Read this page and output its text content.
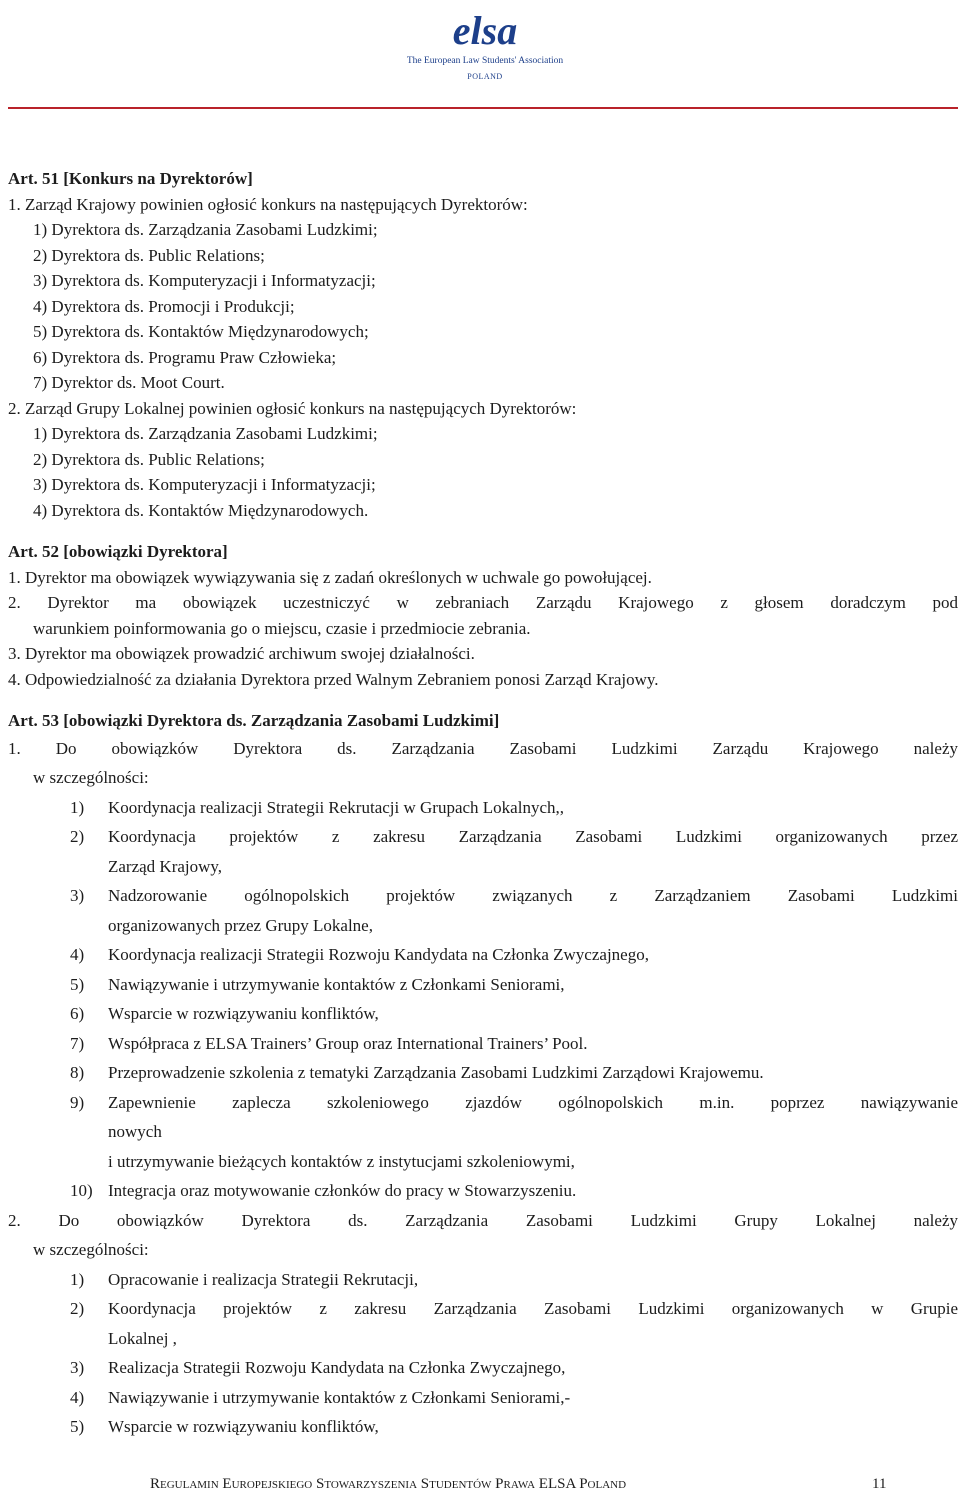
elsa
The European Law Students' Association
POLAND
Art. 51 [Konkurs na Dyrektorów]
1. Zarząd Krajowy powinien ogłosić konkurs na następujących Dyrektorów:
1) Dyrektora ds. Zarządzania Zasobami Ludzkimi;
2) Dyrektora ds. Public Relations;
3) Dyrektora ds. Komputeryzacji i Informatyzacji;
4) Dyrektora ds. Promocji i Produkcji;
5) Dyrektora ds. Kontaktów Międzynarodowych;
6) Dyrektora ds. Programu Praw Człowieka;
7) Dyrektor ds. Moot Court.
2. Zarząd Grupy Lokalnej powinien ogłosić konkurs na następujących Dyrektorów:
1) Dyrektora ds. Zarządzania Zasobami Ludzkimi;
2) Dyrektora ds. Public Relations;
3) Dyrektora ds. Komputeryzacji i Informatyzacji;
4) Dyrektora ds. Kontaktów Międzynarodowych.
Art. 52 [obowiązki Dyrektora]
1. Dyrektor ma obowiązek wywiązywania się z zadań określonych w uchwale go powołującej.
2. Dyrektor ma obowiązek uczestniczyć w zebraniach Zarządu Krajowego z głosem doradczym pod
warunkiem poinformowania go o miejscu, czasie i przedmiocie zebrania.
3. Dyrektor ma obowiązek prowadzić archiwum swojej działalności.
4. Odpowiedzialność za działania Dyrektora przed Walnym Zebraniem ponosi Zarząd Krajowy.
Art. 53 [obowiązki Dyrektora ds. Zarządzania Zasobami Ludzkimi]
1. Do obowiązków Dyrektora ds. Zarządzania Zasobami Ludzkimi Zarządu Krajowego należy
w szczególności:
1) Koordynacja realizacji Strategii Rekrutacji w Grupach Lokalnych,,
2) Koordynacja projektów z zakresu Zarządzania Zasobami Ludzkimi organizowanych przez
Zarząd Krajowy,
3) Nadzorowanie ogólnopolskich projektów związanych z Zarządzaniem Zasobami Ludzkimi
organizowanych przez Grupy Lokalne,
4) Koordynacja realizacji Strategii Rozwoju Kandydata na Członka Zwyczajnego,
5) Nawiązywanie i utrzymywanie kontaktów z Członkami Seniorami,
6) Wsparcie w rozwiązywaniu konfliktów,
7) Współpraca z ELSA Trainers’ Group oraz International Trainers’ Pool.
8) Przeprowadzenie szkolenia z tematyki Zarządzania Zasobami Ludzkimi Zarządowi Krajowemu.
9) Zapewnienie zaplecza szkoleniowego zjazdów ogólnopolskich m.in. poprzez nawiązywanie
nowych
i utrzymywanie bieżących kontaktów z instytucjami szkoleniowymi,
10) Integracja oraz motywowanie członków do pracy w Stowarzyszeniu.
2. Do obowiązków Dyrektora ds. Zarządzania Zasobami Ludzkimi Grupy Lokalnej należy
w szczególności:
1) Opracowanie i realizacja Strategii Rekrutacji,
2) Koordynacja projektów z zakresu Zarządzania Zasobami Ludzkimi organizowanych w Grupie
Lokalnej ,
3) Realizacja Strategii Rozwoju Kandydata na Członka Zwyczajnego,
4) Nawiązywanie i utrzymywanie kontaktów z Członkami Seniorami,-
5) Wsparcie w rozwiązywaniu konfliktów,
Regulamin Europejskiego Stowarzyszenia Studentów Prawa ELSA Poland	11
